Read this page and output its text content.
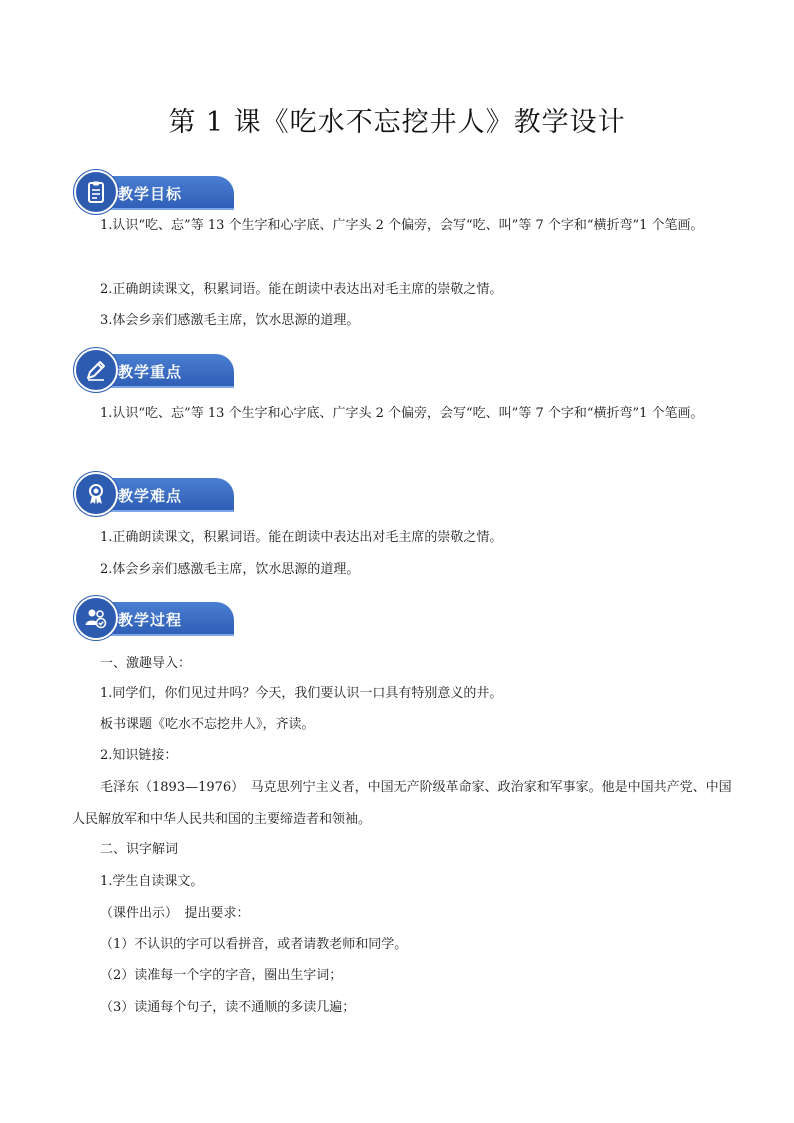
第 1 课《吃水不忘挖井人》教学设计
教学目标

1.认识“吃、忘”等 13 个生字和心字底、广字头 2 个偏旁，会写“吃、叫”等 7 个字和“横折弯”1 个笔画。

2.正确朗读课文，积累词语。能在朗读中表达出对毛主席的崇敬之情。

3.体会乡亲们感激毛主席，饮水思源的道理。

教学重点

1.认识“吃、忘”等 13 个生字和心字底、广字头 2 个偏旁，会写“吃、叫”等 7 个字和“横折弯”1 个笔画。

教学难点

1.正确朗读课文，积累词语。能在朗读中表达出对毛主席的崇敬之情。

2.体会乡亲们感激毛主席，饮水思源的道理。

教学过程

一、激趣导入：

1.同学们，你们见过井吗？今天，我们要认识一口具有特别意义的井。

板书课题《吃水不忘挖井人》，齐读。

2.知识链接：

毛泽东（1893—1976）　马克思列宁主义者，中国无产阶级革命家、政治家和军事家。他是中国共产党、中国人民解放军和中华人民共和国的主要缔造者和领袖。

二、识字解词

1.学生自读课文。

（课件出示）　提出要求：

（1）不认识的字可以看拼音，或者请教老师和同学。

（2）读准每一个字的字音，圈出生字词；

（3）读通每个句子，读不通顺的多读几遍；
